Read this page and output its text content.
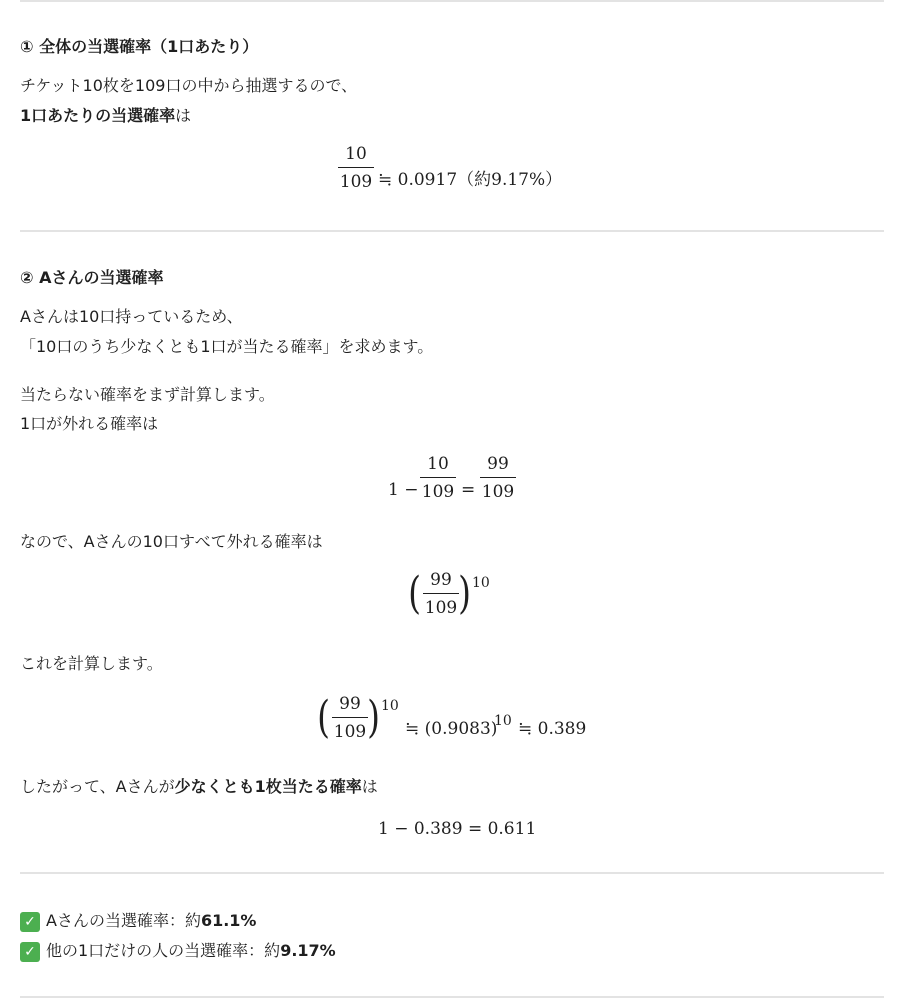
① 全体の当選確率（1口あたり）
チケット10枚を109口の中から抽選するので、
1口あたりの当選確率は
10
109 ≒ 0.0917（約9.17%）
② Aさんの当選確率
Aさんは10口持っているため、
「10口のうち少なくとも1口が当たる確率」を求めます。
当たらない確率をまず計算します。
1口が外れる確率は
1 −
10
109 =
99
109
なので、Aさんの10口すべて外れる確率は
( 99
109 ) 10
これを計算します。
( 99
109 ) 10
≒ (0.9083)
10 ≒ 0.389
したがって、Aさんが少なくとも1枚当たる確率は
1 − 0.389 = 0.611
✓ Aさんの当選確率：約61.1%
✓ 他の1口だけの人の当選確率：約9.17%
